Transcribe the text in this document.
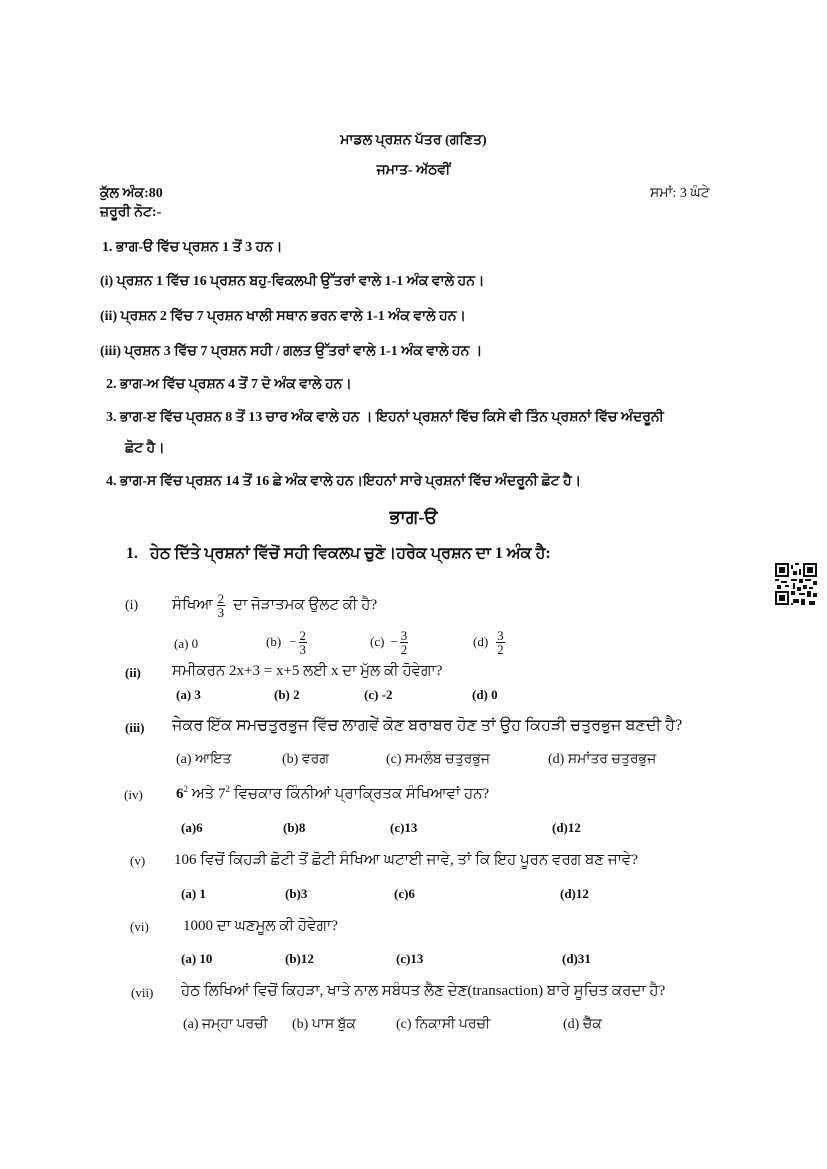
ਮਾਡਲ ਪ੍ਰਸ਼ਨ ਪੱਤਰ (ਗਣਿਤ)
ਜਮਾਤ- ਅੱਠਵੀਂ
ਕੁੱਲ ਅੰਕ:80	ਸਮਾਂ: 3 ਘੰਟੇ
ਜ਼ਰੂਰੀ ਨੋਟ:-
1. ਭਾਗ-ੳ ਵਿੱਚ ਪ੍ਰਸ਼ਨ 1 ਤੋਂ 3 ਹਨ।
(i) ਪ੍ਰਸ਼ਨ 1 ਵਿੱਚ 16 ਪ੍ਰਸ਼ਨ ਬਹੁ-ਵਿਕਲਪੀ ਉੱਤਰਾਂ ਵਾਲੇ 1-1 ਅੰਕ ਵਾਲੇ ਹਨ।
(ii) ਪ੍ਰਸ਼ਨ 2 ਵਿੱਚ 7 ਪ੍ਰਸ਼ਨ ਖਾਲੀ ਸਥਾਨ ਭਰਨ ਵਾਲੇ 1-1 ਅੰਕ ਵਾਲੇ ਹਨ।
(iii) ਪ੍ਰਸ਼ਨ 3 ਵਿੱਚ 7 ਪ੍ਰਸ਼ਨ ਸਹੀ / ਗਲਤ ਉੱਤਰਾਂ ਵਾਲੇ 1-1 ਅੰਕ ਵਾਲੇ ਹਨ ।
2. ਭਾਗ-ਅ ਵਿੱਚ ਪ੍ਰਸ਼ਨ 4 ਤੋਂ 7 ਦੋ ਅੰਕ ਵਾਲੇ ਹਨ।
3. ਭਾਗ-ੲ ਵਿੱਚ ਪ੍ਰਸ਼ਨ 8 ਤੋਂ 13 ਚਾਰ ਅੰਕ ਵਾਲੇ ਹਨ । ਇਹਨਾਂ ਪ੍ਰਸ਼ਨਾਂ ਵਿੱਚ ਕਿਸੇ ਵੀ ਤਿੰਨ ਪ੍ਰਸ਼ਨਾਂ ਵਿੱਚ ਅੰਦਰੂਨੀ
ਛੋਟ ਹੈ।
4. ਭਾਗ-ਸ ਵਿੱਚ ਪ੍ਰਸ਼ਨ 14 ਤੋਂ 16 ਛੇ ਅੰਕ ਵਾਲੇ ਹਨ।ਇਹਨਾਂ ਸਾਰੇ ਪ੍ਰਸ਼ਨਾਂ ਵਿੱਚ ਅੰਦਰੂਨੀ ਛੋਟ ਹੈ।
ਭਾਗ-ੳ
1. ਹੇਠ ਦਿੱਤੇ ਪ੍ਰਸ਼ਨਾਂ ਵਿੱਚੋਂ ਸਹੀ ਵਿਕਲਪ ਚੁਣੋ।ਹਰੇਕ ਪ੍ਰਸ਼ਨ ਦਾ 1 ਅੰਕ ਹੈ:
(i) ਸੰਖਿਆ $\frac{2}{3}$ ਦਾ ਜੋੜਾਤਮਕ ਉਲਟ ਕੀ ਹੈ?
(a) 0	$(b) - \frac{2}{3}$	$(c) - \frac{3}{2}$	$(d) \frac{3}{2}$
(ii) ਸਮੀਕਰਨ 2x+3 = x+5 ਲਈ x ਦਾ ਮੁੱਲ ਕੀ ਹੋਵੇਗਾ?
(a) 3	(b) 2	(c) -2	(d) 0
(iii) ਜੇਕਰ ਇੱਕ ਸਮਚਤੁਰਭੁਜ ਵਿੱਚ ਲਾਗਵੇਂ ਕੋਣ ਬਰਾਬਰ ਹੋਣ ਤਾਂ ਉਹ ਕਿਹੜੀ ਚਤੁਰਭੁਜ ਬਣਦੀ ਹੈ?
(a) ਆਇਤ	(b) ਵਰਗ	(c) ਸਮਲੰਬ ਚਤੁਰਭੁਜ	(d) ਸਮਾਂਤਰ ਚਤੁਰਭੁਜ
(iv) $6^2$ ਅਤੇ $7^2$ ਵਿਚਕਾਰ ਕਿੰਨੀਆਂ ਪ੍ਰਾਕ੍ਰਿਤਕ ਸੰਖਿਆਵਾਂ ਹਨ?
(a)6	(b)8	(c)13	(d)12
(v) 106 ਵਿਚੋਂ ਕਿਹੜੀ ਛੋਟੀ ਤੋਂ ਛੋਟੀ ਸੰਖਿਆ ਘਟਾਈ ਜਾਵੇ, ਤਾਂ ਕਿ ਇਹ ਪੂਰਨ ਵਰਗ ਬਣ ਜਾਵੇ?
(a) 1	(b)3	(c)6	(d)12
(vi) 1000 ਦਾ ਘਣਮੂਲ ਕੀ ਹੋਵੇਗਾ?
(a) 10	(b)12	(c)13	(d)31
(vii) ਹੇਠ ਲਿਖਿਆਂ ਵਿਚੋਂ ਕਿਹੜਾ, ਖਾਤੇ ਨਾਲ ਸਬੰਧਤ ਲੈਣ ਦੇਣ(transaction) ਬਾਰੇ ਸੂਚਿਤ ਕਰਦਾ ਹੈ?
(a) ਜਮ੍ਹਾ ਪਰਚੀ (b) ਪਾਸ ਬੁੱਕ	(c) ਨਿਕਾਸੀ ਪਰਚੀ	(d) ਚੈੱਕ
